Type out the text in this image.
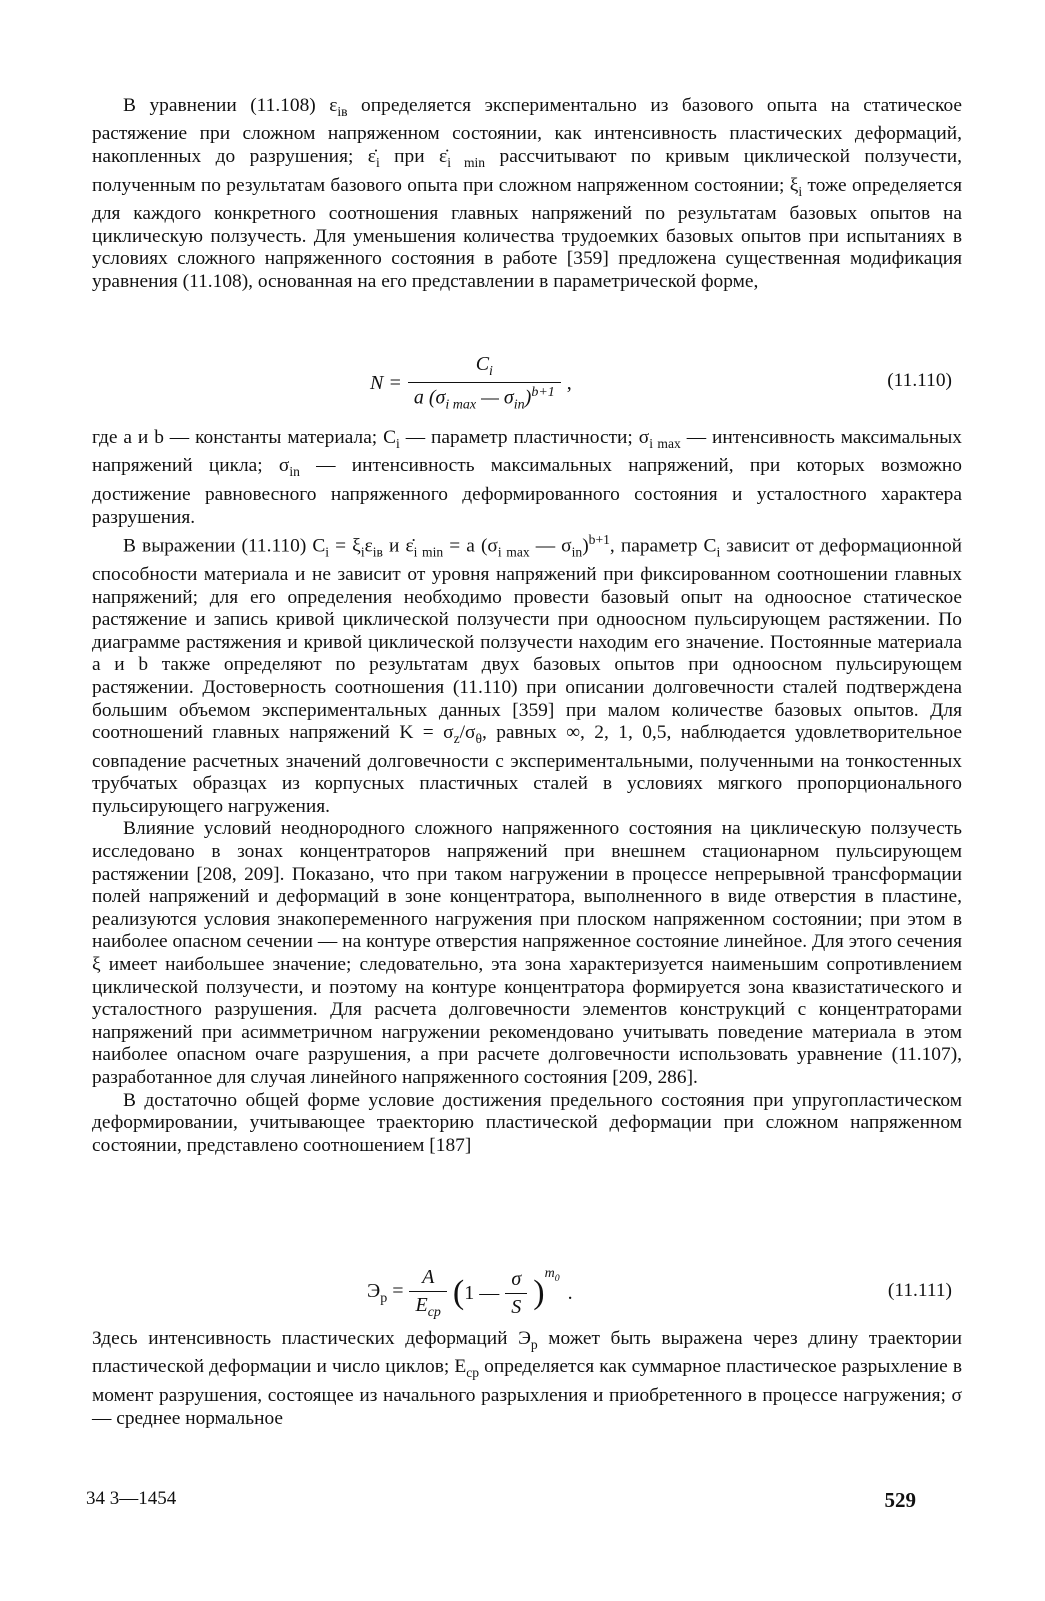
В уравнении (11.108) $\varepsilon_{iв}$ определяется экспериментально из базового опыта на статическое растяжение при сложном напряженном состоянии, как интенсивность пластических деформаций, накопленных до разрушения; $\varepsiloṅ_i$ при $\varepsiloṅ_{i min}$ рассчитывают по кривым циклической ползучести, полученным по результатам базового опыта при сложном напряженном состоянии; $\xi_i$ тоже определяется для каждого конкретного соотношения главных напряжений по результатам базовых опытов на циклическую ползучесть. Для уменьшения количества трудоемких базовых опытов при испытаниях в условиях сложного напряженного состояния в работе [359] предложена существенная модификация уравнения (11.108), основанная на его представлении в параметрической форме,

$N = \frac{C_i}{a (\sigma_{i max} — \sigma_{in})^{b+1}}$ ,	(11.110)

где a и b — константы материала; $C_i$ — параметр пластичности; $\sigma_{i max}$ — интенсивность максимальных напряжений цикла; $\sigma_{in}$ — интенсивность максимальных напряжений, при которых возможно достижение равновесного напряженного деформированного состояния и усталостного характера разрушения.

В выражении (11.110) $C_i = \xi_i\varepsilon_{iв}$ и $\varepsiloṅ_{i min} = a$ ($\sigma_{i max}$ — $\sigma_{in})^{b+1}$, параметр $C_i$ зависит от деформационной способности материала и не зависит от уровня напряжений при фиксированном соотношении главных напряжений; для его определения необходимо провести базовый опыт на одноосное статическое растяжение и запись кривой циклической ползучести при одноосном пульсирующем растяжении. По диаграмме растяжения и кривой циклической ползучести находим его значение. Постоянные материала a и b также определяют по результатам двух базовых опытов при одноосном пульсирующем растяжении. Достоверность соотношения (11.110) при описании долговечности сталей подтверждена большим объемом экспериментальных данных [359] при малом количестве базовых опытов. Для соотношений главных напряжений $K = \sigma_z/\sigma_\theta$, равных ∞, 2, 1, 0,5, наблюдается удовлетворительное совпадение расчетных значений долговечности с экспериментальными, полученными на тонкостенных трубчатых образцах из корпусных пластичных сталей в условиях мягкого пропорционального пульсирующего нагружения.

Влияние условий неоднородного сложного напряженного состояния на циклическую ползучесть исследовано в зонах концентраторов напряжений при внешнем стационарном пульсирующем растяжении [208, 209]. Показано, что при таком нагружении в процессе непрерывной трансформации полей напряжений и деформаций в зоне концентратора, выполненного в виде отверстия в пластине, реализуются условия знакопеременного нагружения при плоском напряженном состоянии; при этом в наиболее опасном сечении — на контуре отверстия напряженное состояние линейное. Для этого сечения ξ имеет наибольшее значение; следовательно, эта зона характеризуется наименьшим сопротивлением циклической ползучести, и поэтому на контуре концентратора формируется зона квазистатического и усталостного разрушения. Для расчета долговечности элементов конструкций с концентраторами напряжений при асимметричном нагружении рекомендовано учитывать поведение материала в этом наиболее опасном очаге разрушения, а при расчете долговечности использовать уравнение (11.107), разработанное для случая линейного напряженного состояния [209, 286].

В достаточно общей форме условие достижения предельного состояния при упругопластическом деформировании, учитывающее траекторию пластической деформации при сложном напряженном состоянии, представлено соотношением [187]

$Э_р = \frac{A}{E_{ср}}$ ( 1 — $\frac{\sigma}{S}$ )
$^{m_0}$
.	(11.111)

Здесь интенсивность пластических деформаций $Э_р$ может быть выражена через длину траектории пластической деформации и число циклов; $E_{ср}$ определяется как суммарное пластическое разрыхление в момент разрушения, состоящее из начального разрыхления и приобретенного в процессе нагружения; σ — среднее нормальное

34 3—1454	529
